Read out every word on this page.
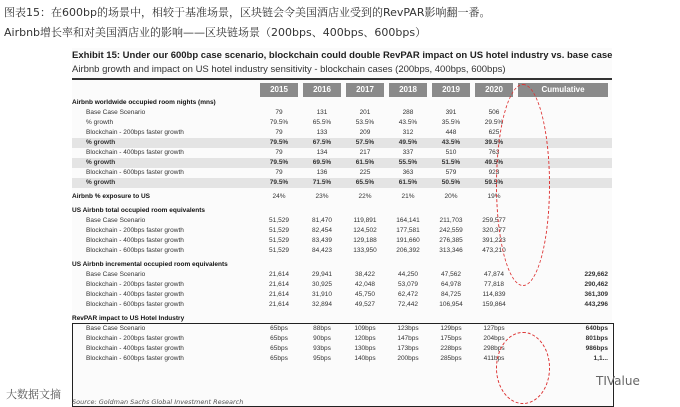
图表15：在600bp的场景中，相较于基准场景，区块链会令美国酒店业受到的RevPAR影响翻一番。
Airbnb增长率和对美国酒店业的影响——区块链场景（200bps、400bps、600bps）
Exhibit 15: Under our 600bp case scenario, blockchain could double RevPAR impact on US hotel industry vs. base case
Airbnb growth and impact on US hotel industry sensitivity - blockchain cases (200bps, 400bps, 600bps)
2015	2016	2017	2018	2019	2020	Cumulative
Airbnb worldwide occupied room nights (mns)
Base Case Scenario	79	131	201	288	391	506
% growth	79.5%	65.5%	53.5%	43.5%	35.5%	29.5%
Blockchain - 200bps faster growth	79	133	209	312	448	625
% growth	79.5%	67.5%	57.5%	49.5%	43.5%	39.5%
Blockchain - 400bps faster growth	79	134	217	337	510	763
% growth	79.5%	69.5%	61.5%	55.5%	51.5%	49.5%
Blockchain - 600bps faster growth	79	136	225	363	579	923
% growth	79.5%	71.5%	65.5%	61.5%	50.5%	59.5%
Airbnb % exposure to US	24%	23%	22%	21%	20%	19%
US Airbnb total occupied room equivalents
Base Case Scenario	51,529	81,470	119,891	164,141	211,703	259,577
Blockchain - 200bps faster growth	51,529	82,454	124,502	177,581	242,559	320,377
Blockchain - 400bps faster growth	51,529	83,439	129,188	191,660	276,385	391,223
Blockchain - 600bps faster growth	51,529	84,423	133,950	206,392	313,346	473,210
US Airbnb incremental occupied room equivalents
Base Case Scenario	21,614	29,941	38,422	44,250	47,562	47,874	229,662
Blockchain - 200bps faster growth	21,614	30,925	42,048	53,079	64,978	77,818	290,462
Blockchain - 400bps faster growth	21,614	31,910	45,750	62,472	84,725	114,839	361,309
Blockchain - 600bps faster growth	21,614	32,894	49,527	72,442	106,954	159,864	443,296
RevPAR impact to US Hotel Industry
Base Case Scenario	65bps	88bps	109bps	123bps	129bps	127bps	640bps
Blockchain - 200bps faster growth	65bps	90bps	120bps	147bps	175bps	204bps	801bps
Blockchain - 400bps faster growth	65bps	93bps	130bps	173bps	228bps	298bps	986bps
Blockchain - 600bps faster growth	65bps	95bps	140bps	200bps	285bps	411bps	1,1...
Source: Goldman Sachs Global Investment Research
大数据文摘
TIValue
